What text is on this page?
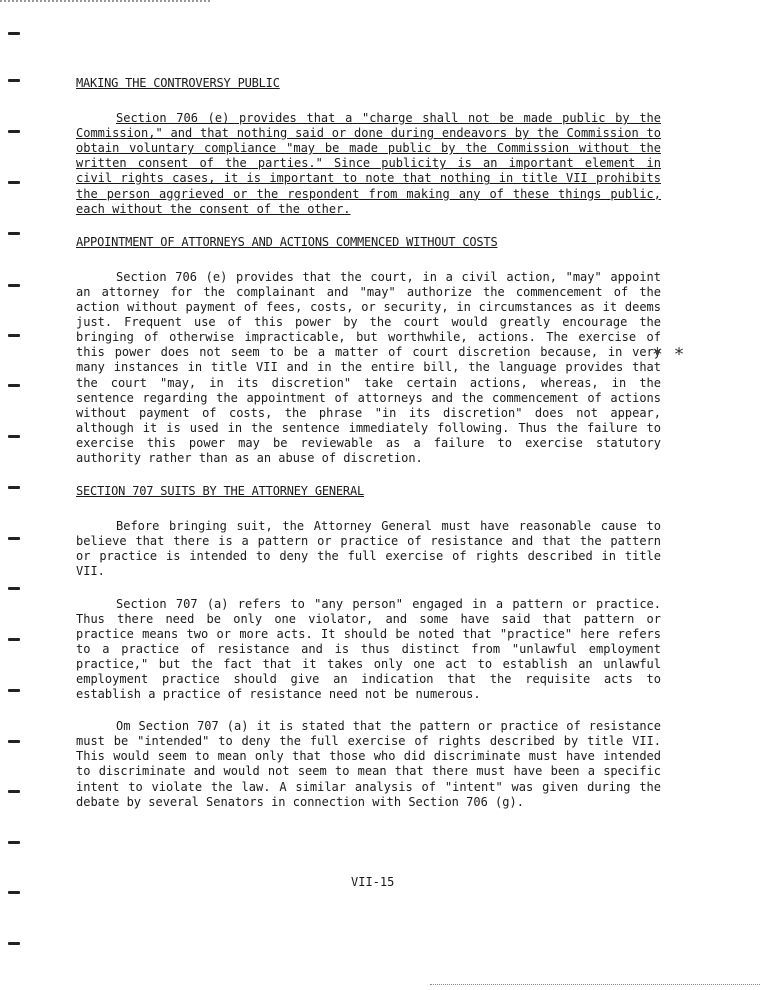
MAKING THE CONTROVERSY PUBLIC

Section 706 (e) provides that a "charge shall not be made public by the Commission," and that nothing said or done during endeavors by the Commission to obtain voluntary compliance "may be made public by the Commission without the written consent of the parties." Since publicity is an important element in civil rights cases, it is important to note that nothing in title VII prohibits the person aggrieved or the respondent from making any of these things public, each without the consent of the other.

APPOINTMENT OF ATTORNEYS AND ACTIONS COMMENCED WITHOUT COSTS

Section 706 (e) provides that the court, in a civil action, "may" appoint an attorney for the complainant and "may" authorize the commencement of the action without payment of fees, costs, or security, in circumstances as it deems just. Frequent use of this power by the court would greatly encourage the bringing of otherwise impracticable, but worthwhile, actions. The exercise of this power does not seem to be a matter of court discretion because, in very many instances in title VII and in the entire bill, the language provides that the court "may, in its discretion" take certain actions, whereas, in the sentence regarding the appointment of attorneys and the commencement of actions without payment of costs, the phrase "in its discretion" does not appear, although it is used in the sentence immediately following. Thus the failure to exercise this power may be reviewable as a failure to exercise statutory authority rather than as an abuse of discretion.

SECTION 707 SUITS BY THE ATTORNEY GENERAL

Before bringing suit, the Attorney General must have reasonable cause to believe that there is a pattern or practice of resistance and that the pattern or practice is intended to deny the full exercise of rights described in title VII.

Section 707 (a) refers to "any person" engaged in a pattern or practice. Thus there need be only one violator, and some have said that pattern or practice means two or more acts. It should be noted that "practice" here refers to a practice of resistance and is thus distinct from "unlawful employment practice," but the fact that it takes only one act to establish an unlawful employment practice should give an indication that the requisite acts to establish a practice of resistance need not be numerous.

Om Section 707 (a) it is stated that the pattern or practice of resistance must be "intended" to deny the full exercise of rights described by title VII. This would seem to mean only that those who did discriminate must have intended to discriminate and would not seem to mean that there must have been a specific intent to violate the law. A similar analysis of "intent" was given during the debate by several Senators in connection with Section 706 (g).

* *
VII-15
